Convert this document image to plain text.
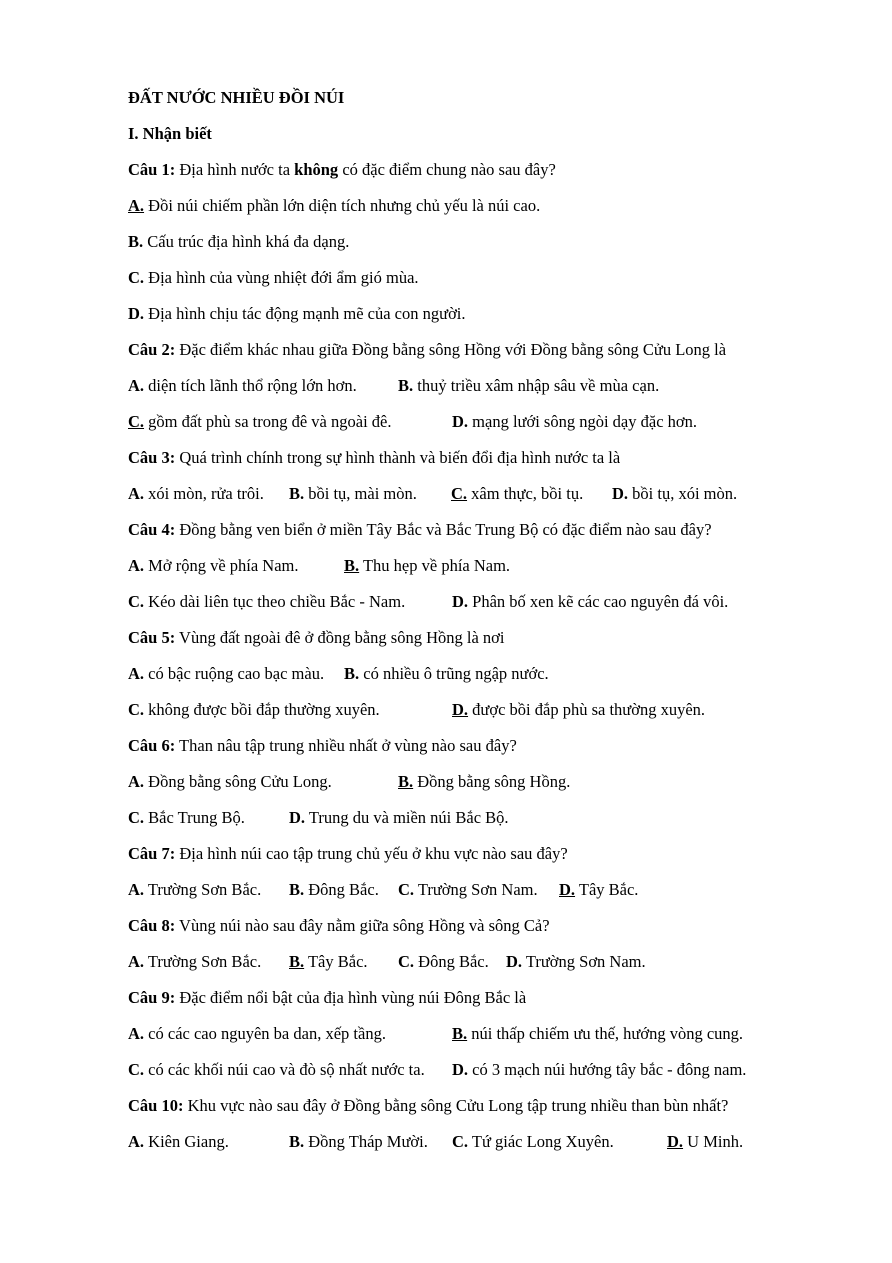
ĐẤT NƯỚC NHIỀU ĐỒI NÚI
I. Nhận biết
Câu 1: Địa hình nước ta không có đặc điểm chung nào sau đây?
A. Đồi núi chiếm phần lớn diện tích nhưng chủ yếu là núi cao.
B. Cấu trúc địa hình khá đa dạng.
C. Địa hình của vùng nhiệt đới ẩm gió mùa.
D. Địa hình chịu tác động mạnh mẽ của con người.
Câu 2: Đặc điểm khác nhau giữa Đồng bằng sông Hồng với Đồng bằng sông Cửu Long là
A. diện tích lãnh thổ rộng lớn hơn.	B. thuỷ triều xâm nhập sâu về mùa cạn.
C. gồm đất phù sa trong đê và ngoài đê.	D. mạng lưới sông ngòi dạy đặc hơn.
Câu 3: Quá trình chính trong sự hình thành và biến đổi địa hình nước ta là
A. xói mòn, rửa trôi. B. bồi tụ, mài mòn. C. xâm thực, bồi tụ. D. bồi tụ, xói mòn.
Câu 4: Đồng bằng ven biển ở miền Tây Bắc và Bắc Trung Bộ có đặc điểm nào sau đây?
A. Mở rộng về phía Nam.	B. Thu hẹp về phía Nam.
C. Kéo dài liên tục theo chiều Bắc - Nam.	D. Phân bố xen kẽ các cao nguyên đá vôi.
Câu 5: Vùng đất ngoài đê ở đồng bằng sông Hồng là nơi
A. có bậc ruộng cao bạc màu. B. có nhiều ô trũng ngập nước.
C. không được bồi đắp thường xuyên.	D. được bồi đắp phù sa thường xuyên.
Câu 6: Than nâu tập trung nhiều nhất ở vùng nào sau đây?
A. Đồng bằng sông Cửu Long.	B. Đồng bằng sông Hồng.
C. Bắc Trung Bộ.	D. Trung du và miền núi Bắc Bộ.
Câu 7: Địa hình núi cao tập trung chủ yếu ở khu vực nào sau đây?
A. Trường Sơn Bắc. B. Đông Bắc. C. Trường Sơn Nam. D. Tây Bắc.
Câu 8: Vùng núi nào sau đây nằm giữa sông Hồng và sông Cả?
A. Trường Sơn Bắc. B. Tây Bắc. C. Đông Bắc. D. Trường Sơn Nam.
Câu 9: Đặc điểm nổi bật của địa hình vùng núi Đông Bắc là
A. có các cao nguyên ba dan, xếp tầng.	B. núi thấp chiếm ưu thế, hướng vòng cung.
C. có các khối núi cao và đò sộ nhất nước ta. D. có 3 mạch núi hướng tây bắc - đông nam.
Câu 10: Khu vực nào sau đây ở Đồng bằng sông Cửu Long tập trung nhiều than bùn nhất?
A. Kiên Giang.	B. Đồng Tháp Mười. C. Tứ giác Long Xuyên.	D. U Minh.
